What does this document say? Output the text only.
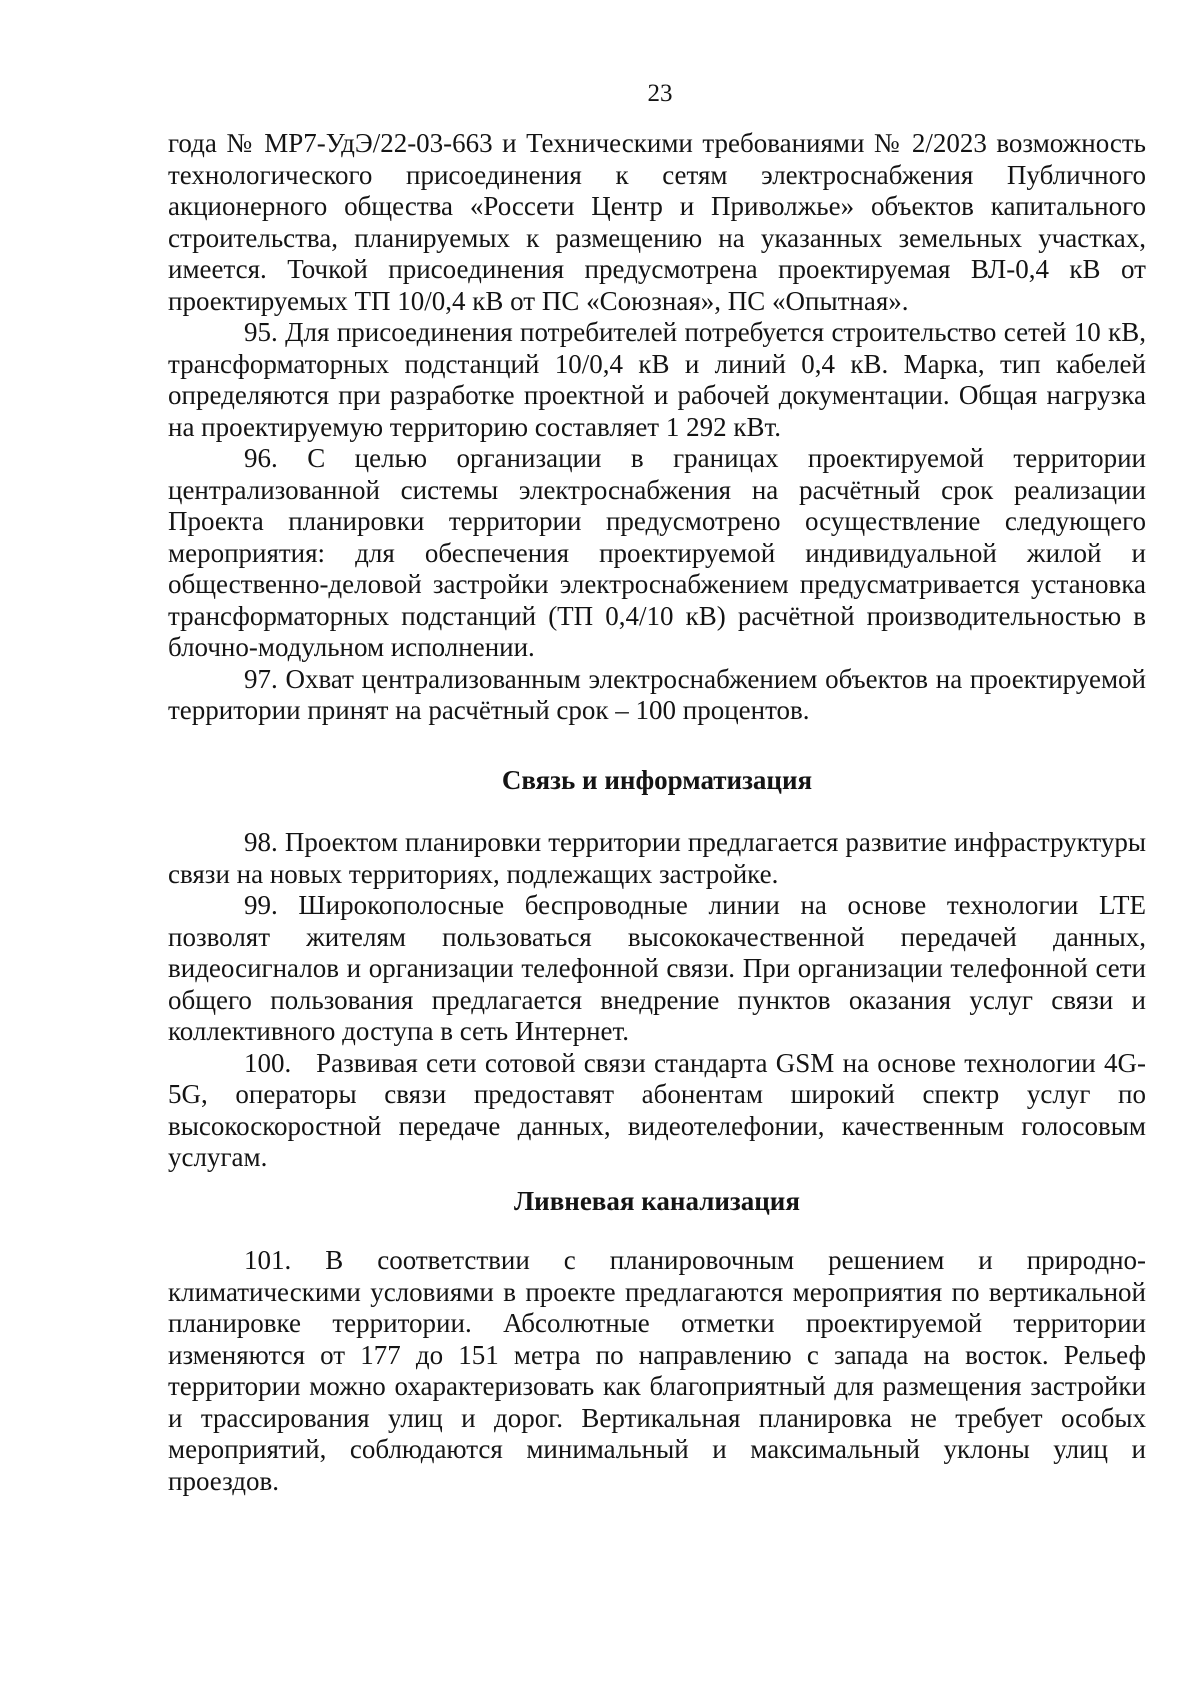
23

года № МР7-УдЭ/22-03-663 и Техническими требованиями № 2/2023 возможность технологического присоединения к сетям электроснабжения Публичного акционерного общества «Россети Центр и Приволжье» объектов капитального строительства, планируемых к размещению на указанных земельных участках, имеется. Точкой присоединения предусмотрена проектируемая ВЛ-0,4 кВ от проектируемых ТП 10/0,4 кВ от ПС «Союзная», ПС «Опытная».

95. Для присоединения потребителей потребуется строительство сетей 10 кВ, трансформаторных подстанций 10/0,4 кВ и линий 0,4 кВ. Марка, тип кабелей определяются при разработке проектной и рабочей документации. Общая нагрузка на проектируемую территорию составляет 1 292 кВт.

96. С целью организации в границах проектируемой территории централизованной системы электроснабжения на расчётный срок реализации Проекта планировки территории предусмотрено осуществление следующего мероприятия: для обеспечения проектируемой индивидуальной жилой и общественно-деловой застройки электроснабжением предусматривается установка трансформаторных подстанций (ТП 0,4/10 кВ) расчётной производительностью в блочно-модульном исполнении.

97. Охват централизованным электроснабжением объектов на проектируемой территории принят на расчётный срок – 100 процентов.

Связь и информатизация

98. Проектом планировки территории предлагается развитие инфраструктуры связи на новых территориях, подлежащих застройке.

99. Широкополосные беспроводные линии на основе технологии LTE позволят жителям пользоваться высококачественной передачей данных, видеосигналов и организации телефонной связи. При организации телефонной сети общего пользования предлагается внедрение пунктов оказания услуг связи и коллективного доступа в сеть Интернет.

100. Развивая сети сотовой связи стандарта GSM на основе технологии 4G-5G, операторы связи предоставят абонентам широкий спектр услуг по высокоскоростной передаче данных, видеотелефонии, качественным голосовым услугам.

Ливневая канализация

101. В соответствии с планировочным решением и природно-климатическими условиями в проекте предлагаются мероприятия по вертикальной планировке территории. Абсолютные отметки проектируемой территории изменяются от 177 до 151 метра по направлению с запада на восток. Рельеф территории можно охарактеризовать как благоприятный для размещения застройки и трассирования улиц и дорог. Вертикальная планировка не требует особых мероприятий, соблюдаются минимальный и максимальный уклоны улиц и проездов.
